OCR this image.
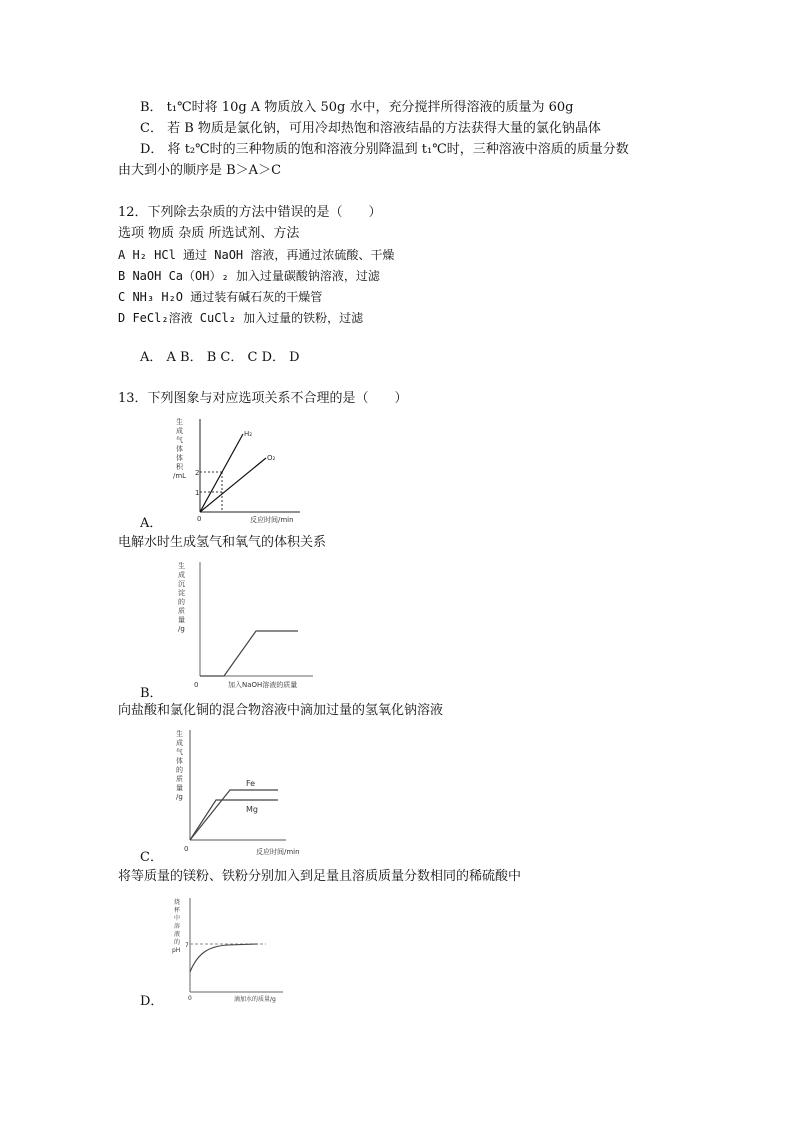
B． t₁℃时将 10g A 物质放入 50g 水中，充分搅拌所得溶液的质量为 60g
C． 若 B 物质是氯化钠，可用冷却热饱和溶液结晶的方法获得大量的氯化钠晶体
D． 将 t₂℃时的三种物质的饱和溶液分别降温到 t₁℃时，三种溶液中溶质的质量分数
由大到小的顺序是 B＞A＞C
12．下列除去杂质的方法中错误的是（　　）
选项 物质 杂质 所选试剂、方法
A H₂ HCl 通过 NaOH 溶液，再通过浓硫酸、干燥
B NaOH Ca（OH）₂ 加入过量碳酸钠溶液，过滤
C NH₃ H₂O 通过装有碱石灰的干燥管
D FeCl₂溶液 CuCl₂ 加入过量的铁粉，过滤
A． A B． B C． C D． D
13．下列图象与对应选项关系不合理的是（　　）
生
成
气
体
体
积
/mL 2
1
H₂
O₂
0	反应时间/min
A．
电解水时生成氢气和氧气的体积关系
生
成
沉
淀
的
质
量
/g
0	加入NaOH溶液的质量
B．
向盐酸和氯化铜的混合物溶液中滴加过量的氢氧化钠溶液
生
成
气
体
的
质
量
/g
Fe
Mg
0	反应时间/min
C．
将等质量的镁粉、铁粉分别加入到足量且溶质质量分数相同的稀硫酸中
烧
杯
中
溶
液
的
pH
7
0	滴加水的质量/g
D．
